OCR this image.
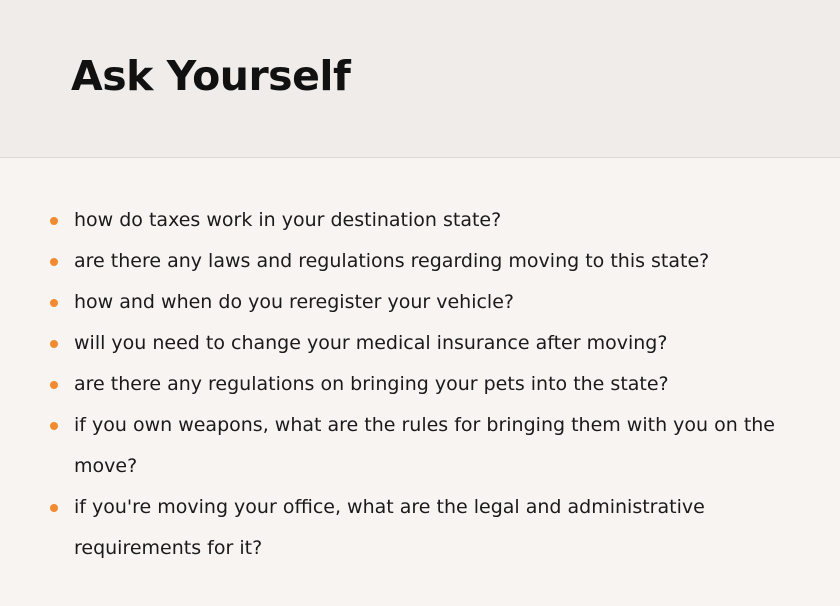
Ask Yourself
how do taxes work in your destination state?
are there any laws and regulations regarding moving to this state?
how and when do you reregister your vehicle?
will you need to change your medical insurance after moving?
are there any regulations on bringing your pets into the state?
if you own weapons, what are the rules for bringing them with you on the move?
if you're moving your office, what are the legal and administrative requirements for it?
